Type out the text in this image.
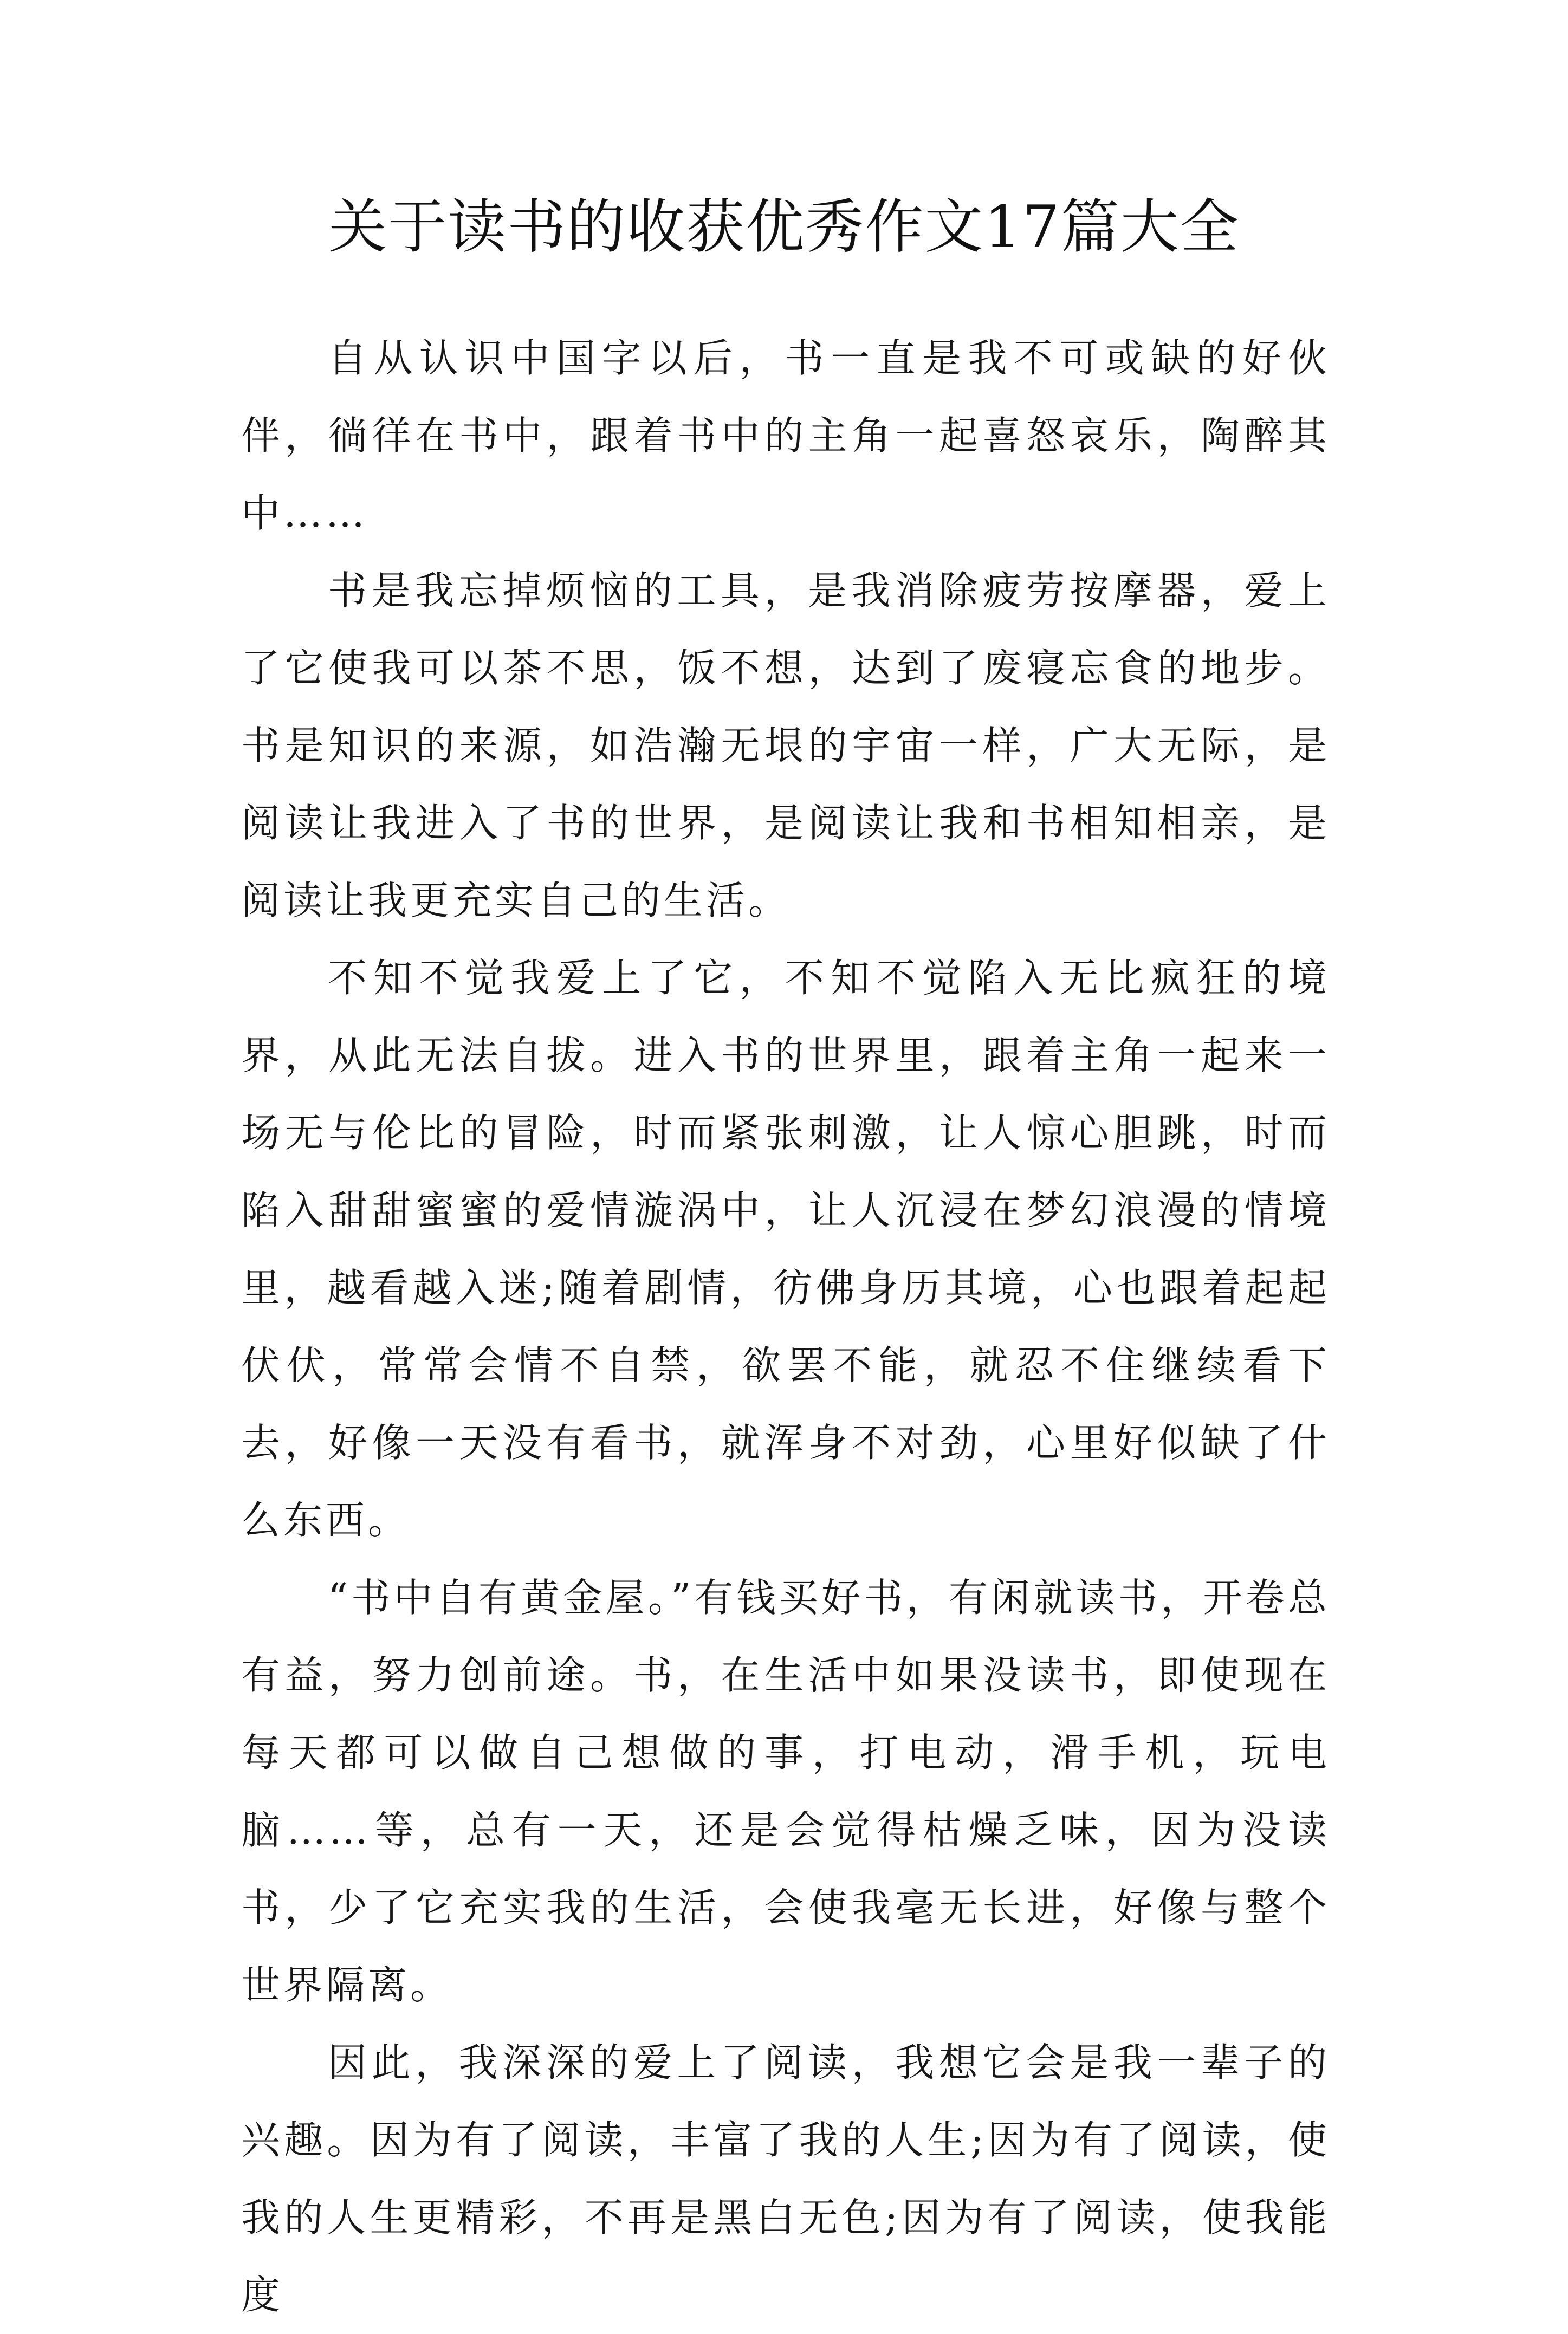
关于读书的收获优秀作文17篇大全

自从认识中国字以后，书一直是我不可或缺的好伙伴，徜徉在书中，跟着书中的主角一起喜怒哀乐，陶醉其中……

书是我忘掉烦恼的工具，是我消除疲劳按摩器，爱上了它使我可以茶不思，饭不想，达到了废寝忘食的地步。书是知识的来源，如浩瀚无垠的宇宙一样，广大无际，是阅读让我进入了书的世界，是阅读让我和书相知相亲，是阅读让我更充实自己的生活。

不知不觉我爱上了它，不知不觉陷入无比疯狂的境界，从此无法自拔。进入书的世界里，跟着主角一起来一场无与伦比的冒险，时而紧张刺激，让人惊心胆跳，时而陷入甜甜蜜蜜的爱情漩涡中，让人沉浸在梦幻浪漫的情境里，越看越入迷;随着剧情，彷佛身历其境，心也跟着起起伏伏，常常会情不自禁，欲罢不能，就忍不住继续看下去，好像一天没有看书，就浑身不对劲，心里好似缺了什么东西。

“书中自有黄金屋。”有钱买好书，有闲就读书，开卷总有益，努力创前途。书，在生活中如果没读书，即使现在每天都可以做自己想做的事，打电动，滑手机，玩电脑……等，总有一天，还是会觉得枯燥乏味，因为没读书，少了它充实我的生活，会使我毫无长进，好像与整个世界隔离。

因此，我深深的爱上了阅读，我想它会是我一辈子的兴趣。因为有了阅读，丰富了我的人生;因为有了阅读，使我的人生更精彩，不再是黑白无色;因为有了阅读，使我能度
